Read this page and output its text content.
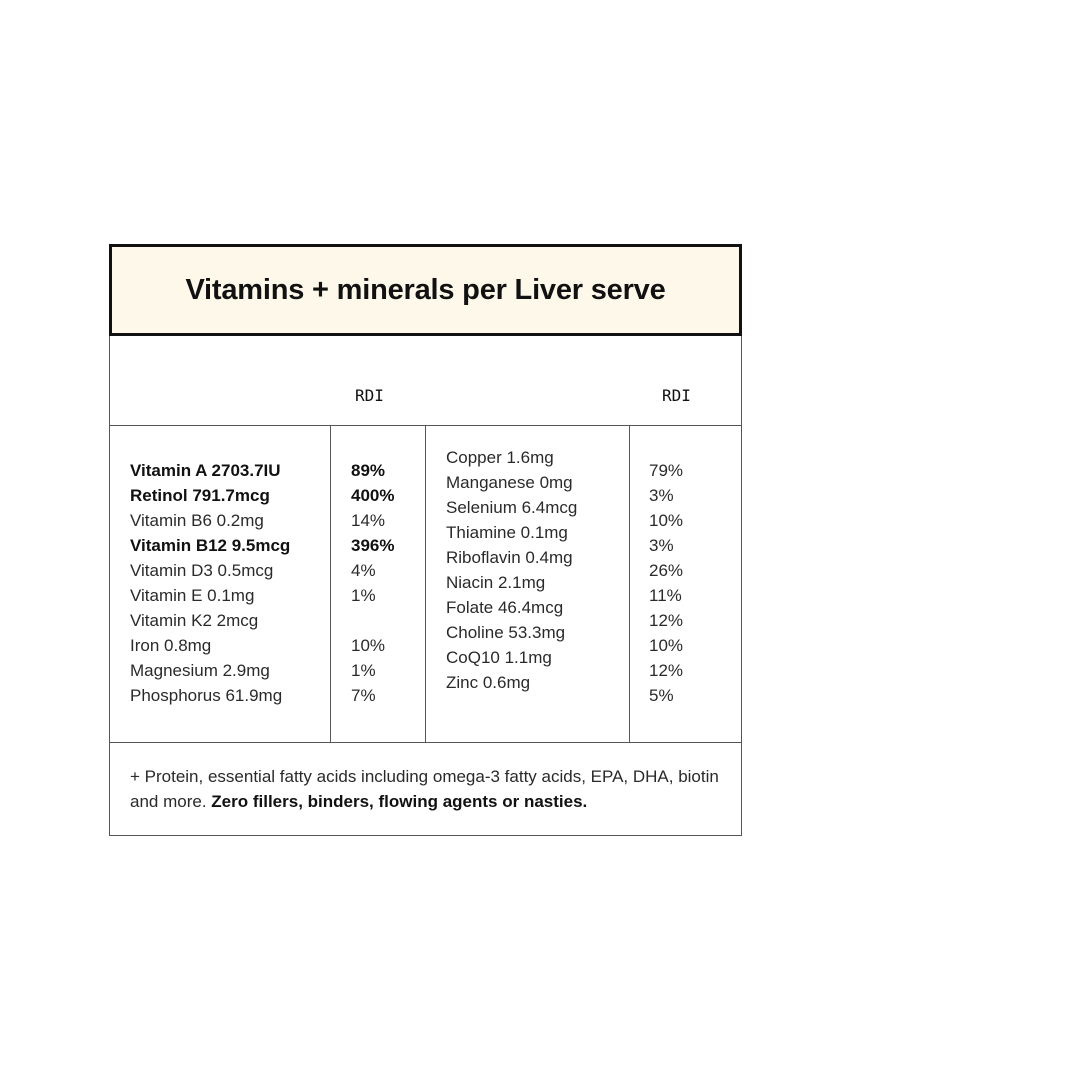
Vitamins + minerals per Liver serve
RDI	RDI
Vitamin A 2703.7IU
Retinol 791.7mcg
Vitamin B6 0.2mg
Vitamin B12 9.5mcg
Vitamin D3 0.5mcg
Vitamin E 0.1mg
Vitamin K2 2mcg
Iron 0.8mg
Magnesium 2.9mg
Phosphorus 61.9mg
89%
400%
14%
396%
4%
1%
10%
1%
7%
Copper 1.6mg
Manganese 0mg
Selenium 6.4mcg
Thiamine 0.1mg
Riboflavin 0.4mg
Niacin 2.1mg
Folate 46.4mcg
Choline 53.3mg
CoQ10 1.1mg
Zinc 0.6mg
79%
3%
10%
3%
26%
11%
12%
10%
12%
5%

+ Protein, essential fatty acids including omega-3 fatty acids, EPA, DHA, biotin and more. Zero fillers, binders, flowing agents or nasties.
